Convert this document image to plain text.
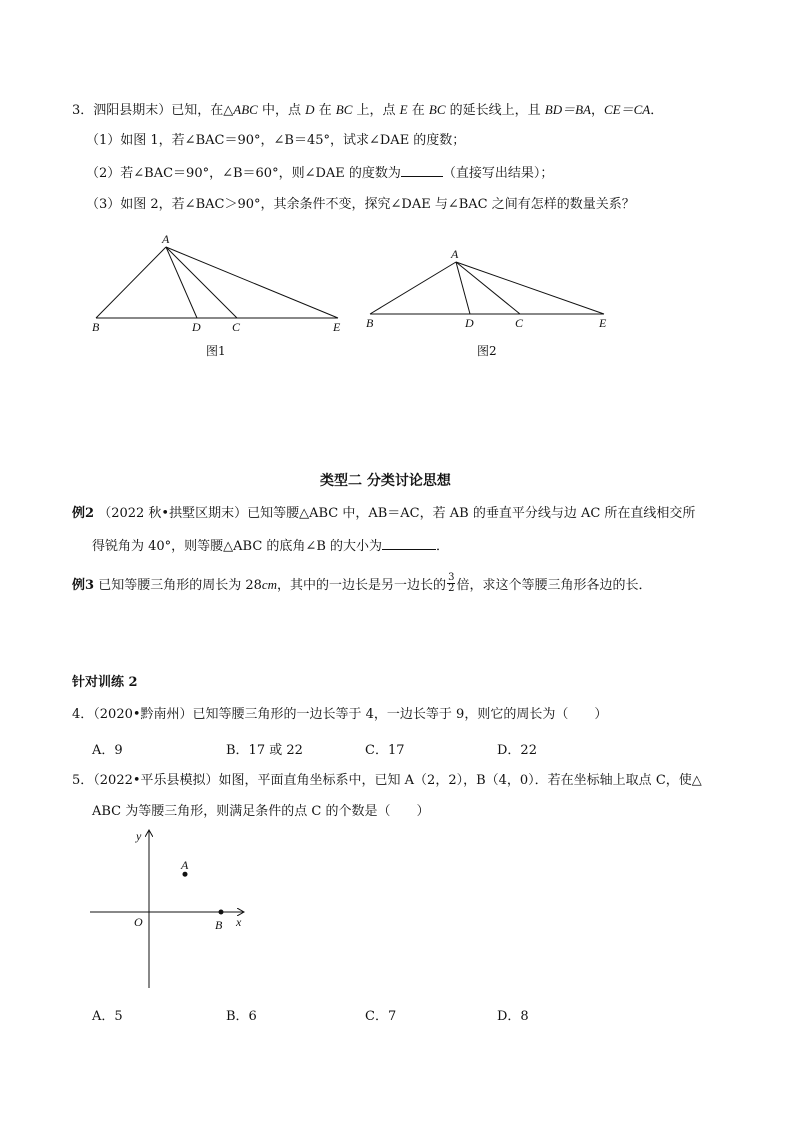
3．泗阳县期末）已知，在△ABC 中，点 D 在 BC 上，点 E 在 BC 的延长线上，且 BD＝BA，CE＝CA．
（1）如图 1，若∠BAC＝90°，∠B＝45°，试求∠DAE 的度数；
（2）若∠BAC＝90°，∠B＝60°，则∠DAE 的度数为	（直接写出结果）；
（3）如图 2，若∠BAC＞90°，其余条件不变，探究∠DAE 与∠BAC 之间有怎样的数量关系？
A
B	D	C	E
图1
A
B	D	C	E
图2
类型二 分类讨论思想
例2 （2022 秋•拱墅区期末）已知等腰△ABC 中，AB＝AC，若 AB 的垂直平分线与边 AC 所在直线相交所
得锐角为 40°，则等腰△ABC 的底角∠B 的大小为	．
例3 已知等腰三角形的周长为 28cm，其中的一边长是另一边长的 $\frac{3}{2}$ 倍，求这个等腰三角形各边的长．
针对训练 2
4．（2020•黔南州）已知等腰三角形的一边长等于 4，一边长等于 9，则它的周长为（　　）
A．9	B．17 或 22	C．17	D．22
5．（2022•平乐县模拟）如图，平面直角坐标系中，已知 A（2，2），B（4，0）．若在坐标轴上取点 C，使△
ABC 为等腰三角形，则满足条件的点 C 的个数是（　　）
y
x
O
A
B
A．5	B．6	C．7	D．8
